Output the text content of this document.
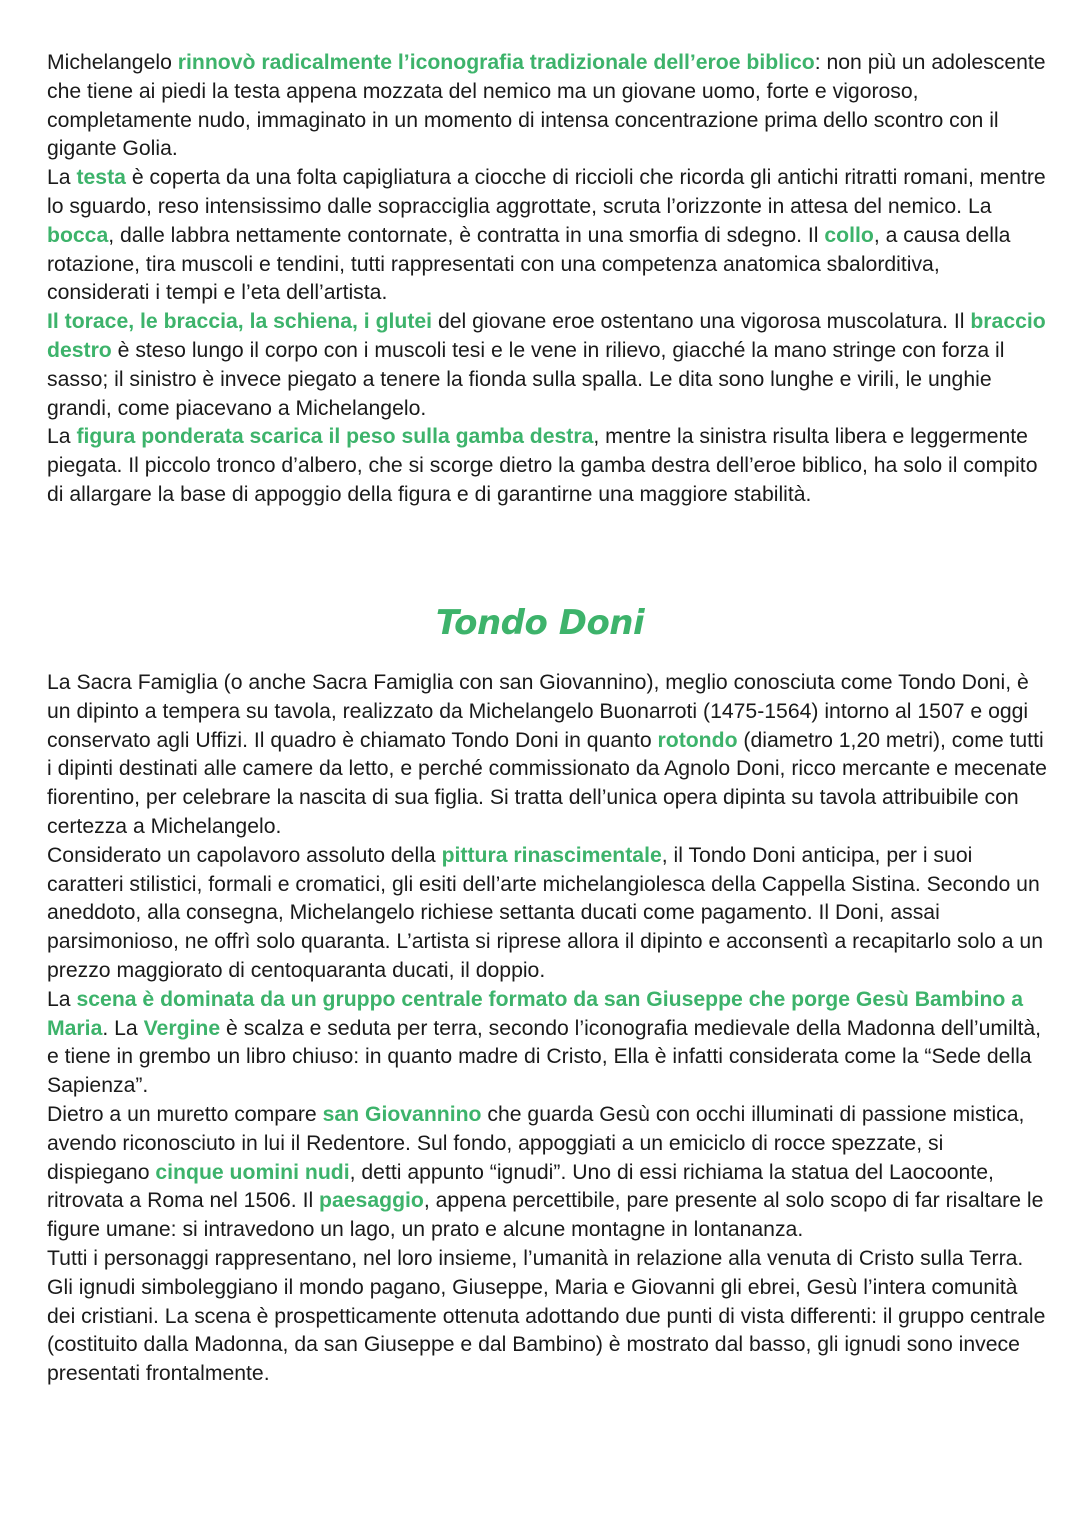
Michelangelo rinnovò radicalmente l’iconografia tradizionale dell’eroe biblico: non più un adolescente che tiene ai piedi la testa appena mozzata del nemico ma un giovane uomo, forte e vigoroso, completamente nudo, immaginato in un momento di intensa concentrazione prima dello scontro con il gigante Golia.

La testa è coperta da una folta capigliatura a ciocche di riccioli che ricorda gli antichi ritratti romani, mentre lo sguardo, reso intensissimo dalle sopracciglia aggrottate, scruta l’orizzonte in attesa del nemico. La bocca, dalle labbra nettamente contornate, è contratta in una smorfia di sdegno. Il collo, a causa della rotazione, tira muscoli e tendini, tutti rappresentati con una competenza anatomica sbalorditiva, considerati i tempi e l’eta dell’artista.

Il torace, le braccia, la schiena, i glutei del giovane eroe ostentano una vigorosa muscolatura. Il braccio destro è steso lungo il corpo con i muscoli tesi e le vene in rilievo, giacché la mano stringe con forza il sasso; il sinistro è invece piegato a tenere la fionda sulla spalla. Le dita sono lunghe e virili, le unghie grandi, come piacevano a Michelangelo.

La figura ponderata scarica il peso sulla gamba destra, mentre la sinistra risulta libera e leggermente piegata. Il piccolo tronco d’albero, che si scorge dietro la gamba destra dell’eroe biblico, ha solo il compito di allargare la base di appoggio della figura e di garantirne una maggiore stabilità.

Tondo Doni

La Sacra Famiglia (o anche Sacra Famiglia con san Giovannino), meglio conosciuta come Tondo Doni, è un dipinto a tempera su tavola, realizzato da Michelangelo Buonarroti (1475-1564) intorno al 1507 e oggi conservato agli Uffizi. Il quadro è chiamato Tondo Doni in quanto rotondo (diametro 1,20 metri), come tutti i dipinti destinati alle camere da letto, e perché commissionato da Agnolo Doni, ricco mercante e mecenate fiorentino, per celebrare la nascita di sua figlia. Si tratta dell’unica opera dipinta su tavola attribuibile con certezza a Michelangelo.

Considerato un capolavoro assoluto della pittura rinascimentale, il Tondo Doni anticipa, per i suoi caratteri stilistici, formali e cromatici, gli esiti dell’arte michelangiolesca della Cappella Sistina. Secondo un aneddoto, alla consegna, Michelangelo richiese settanta ducati come pagamento. Il Doni, assai parsimonioso, ne offrì solo quaranta. L’artista si riprese allora il dipinto e acconsentì a recapitarlo solo a un prezzo maggiorato di centoquaranta ducati, il doppio.

La scena è dominata da un gruppo centrale formato da san Giuseppe che porge Gesù Bambino a Maria. La Vergine è scalza e seduta per terra, secondo l’iconografia medievale della Madonna dell’umiltà, e tiene in grembo un libro chiuso: in quanto madre di Cristo, Ella è infatti considerata come la “Sede della Sapienza”.

Dietro a un muretto compare san Giovannino che guarda Gesù con occhi illuminati di passione mistica, avendo riconosciuto in lui il Redentore. Sul fondo, appoggiati a un emiciclo di rocce spezzate, si dispiegano cinque uomini nudi, detti appunto “ignudi”. Uno di essi richiama la statua del Laocoonte, ritrovata a Roma nel 1506. Il paesaggio, appena percettibile, pare presente al solo scopo di far risaltare le figure umane: si intravedono un lago, un prato e alcune montagne in lontananza.

Tutti i personaggi rappresentano, nel loro insieme, l’umanità in relazione alla venuta di Cristo sulla Terra. Gli ignudi simboleggiano il mondo pagano, Giuseppe, Maria e Giovanni gli ebrei, Gesù l’intera comunità dei cristiani. La scena è prospetticamente ottenuta adottando due punti di vista differenti: il gruppo centrale (costituito dalla Madonna, da san Giuseppe e dal Bambino) è mostrato dal basso, gli ignudi sono invece presentati frontalmente.
